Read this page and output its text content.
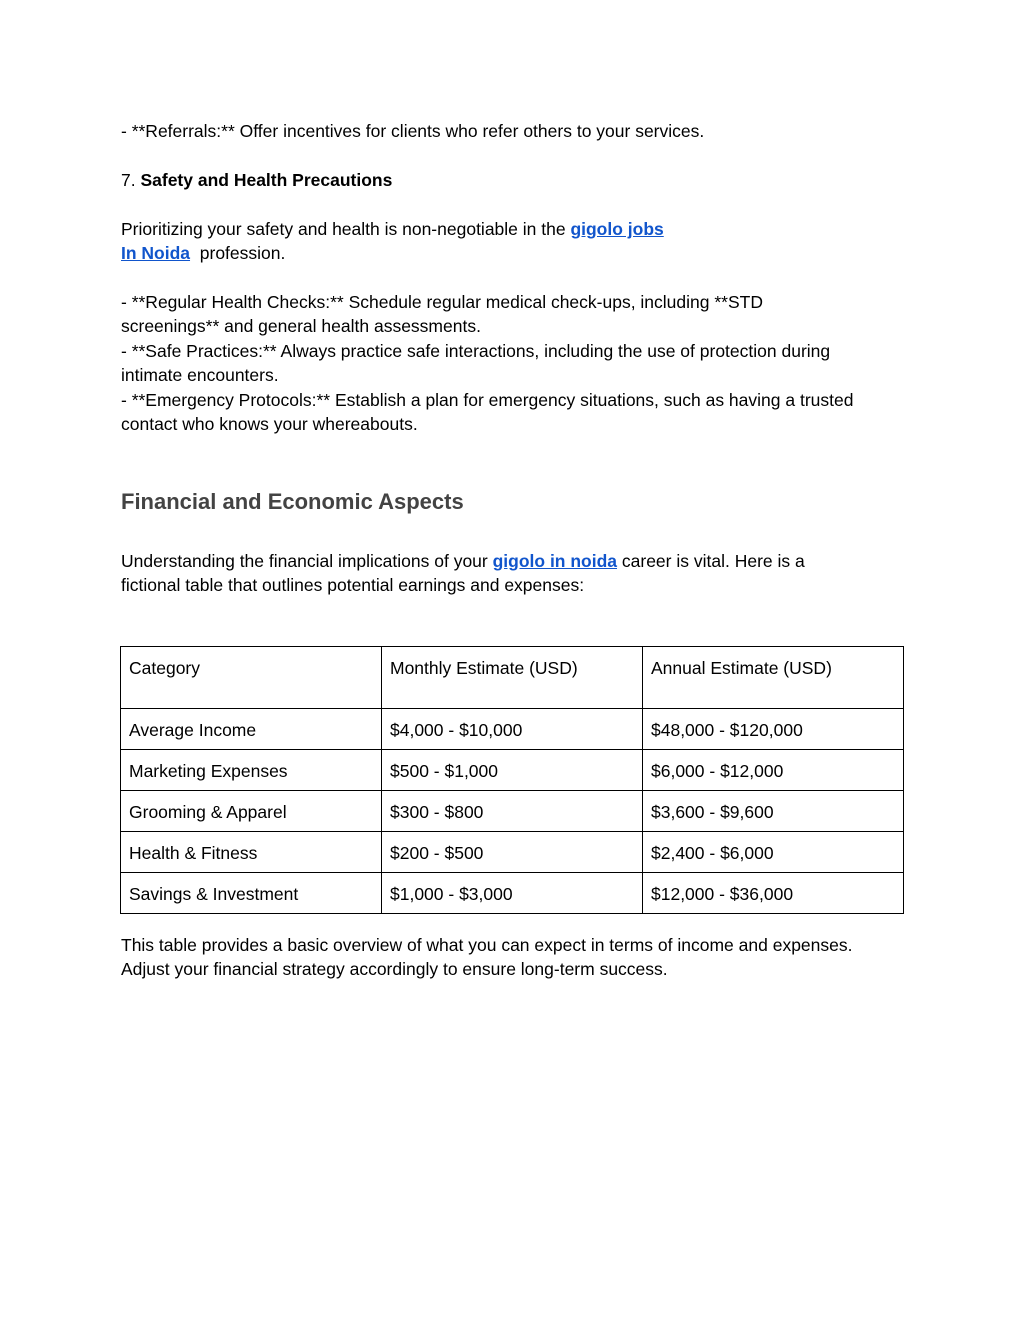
- **Referrals:** Offer incentives for clients who refer others to your services.

7. Safety and Health Precautions

Prioritizing your safety and health is non-negotiable in the gigolo jobs

In Noida  profession.

- **Regular Health Checks:** Schedule regular medical check-ups, including **STD

screenings** and general health assessments.

- **Safe Practices:** Always practice safe interactions, including the use of protection during

intimate encounters.

- **Emergency Protocols:** Establish a plan for emergency situations, such as having a trusted

contact who knows your whereabouts.

Financial and Economic Aspects

Understanding the financial implications of your gigolo in noida career is vital. Here is a

fictional table that outlines potential earnings and expenses:

Category	Monthly Estimate (USD)	Annual Estimate (USD)
Average Income	$4,000 - $10,000	$48,000 - $120,000
Marketing Expenses	$500 - $1,000	$6,000 - $12,000
Grooming & Apparel	$300 - $800	$3,600 - $9,600
Health & Fitness	$200 - $500	$2,400 - $6,000
Savings & Investment	$1,000 - $3,000	$12,000 - $36,000

This table provides a basic overview of what you can expect in terms of income and expenses.

Adjust your financial strategy accordingly to ensure long-term success.
